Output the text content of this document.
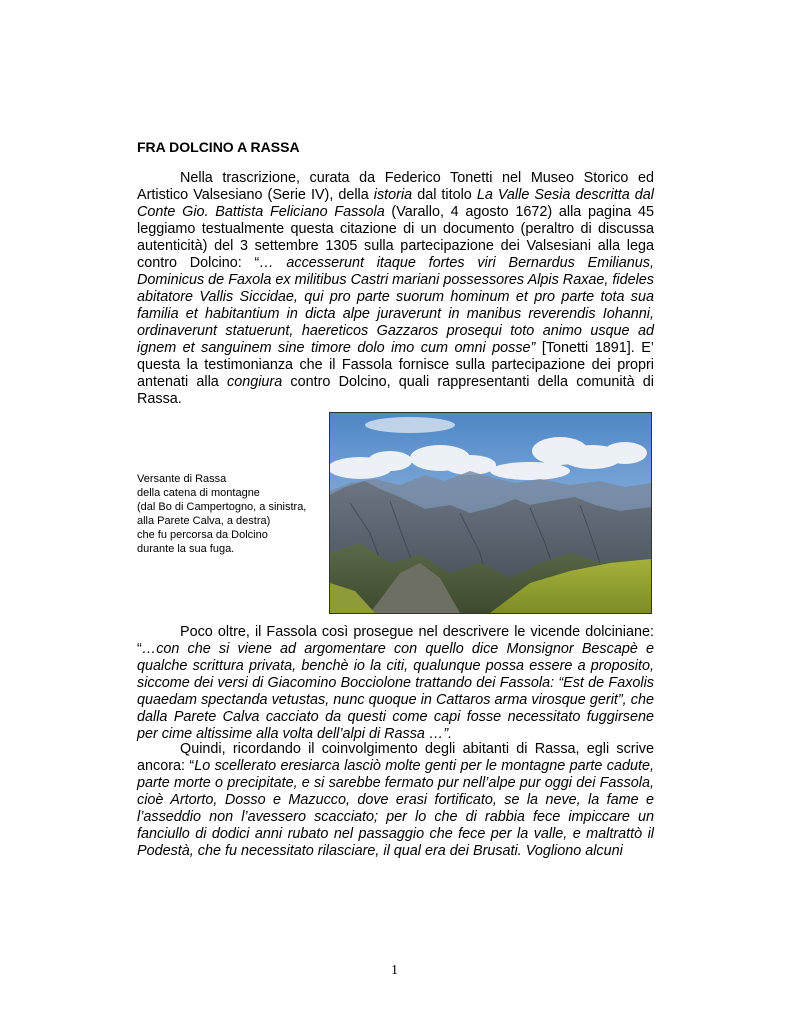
FRA DOLCINO A RASSA

Nella trascrizione, curata da Federico Tonetti nel Museo Storico ed Artistico Valsesiano (Serie IV), della istoria dal titolo La Valle Sesia descritta dal Conte Gio. Battista Feliciano Fassola (Varallo, 4 agosto 1672) alla pagina 45 leggiamo testualmente questa citazione di un documento (peraltro di discussa autenticità) del 3 settembre 1305 sulla partecipazione dei Valsesiani alla lega contro Dolcino: “… accesserunt itaque fortes viri Bernardus Emilianus, Dominicus de Faxola ex militibus Castri mariani possessores Alpis Raxae, fideles abitatore Vallis Siccidae, qui pro parte suorum hominum et pro parte tota sua familia et habitantium in dicta alpe juraverunt in manibus reverendis Iohanni, ordinaverunt statuerunt, haereticos Gazzaros prosequi toto animo usque ad ignem et sanguinem sine timore dolo imo cum omni posse” [Tonetti 1891]. E’ questa la testimonianza che il Fassola fornisce sulla partecipazione dei propri antenati alla congiura contro Dolcino, quali rappresentanti della comunità di Rassa.

Versante di Rassa
della catena di montagne
(dal Bo di Campertogno, a sinistra,
alla Parete Calva, a destra)
che fu percorsa da Dolcino
durante la sua fuga.

Poco oltre, il Fassola così prosegue nel descrivere le vicende dolciniane: “…con che si viene ad argomentare con quello dice Monsignor Bescapè e qualche scrittura privata, benchè io la citi, qualunque possa essere a proposito, siccome dei versi di Giacomino Bocciolone trattando dei Fassola: “Est de Faxolis quaedam spectanda vetustas, nunc quoque in Cattaros arma virosque gerit”, che dalla Parete Calva cacciato da questi come capi fosse necessitato fuggirsene per cime altissime alla volta dell’alpi di Rassa …”.

Quindi, ricordando il coinvolgimento degli abitanti di Rassa, egli scrive ancora: “Lo scellerato eresiarca lasciò molte genti per le montagne parte cadute, parte morte o precipitate, e si sarebbe fermato pur nell’alpe pur oggi dei Fassola, cioè Artorto, Dosso e Mazucco, dove erasi fortificato, se la neve, la fame e l’asseddio non l’avessero scacciato; per lo che di rabbia fece impiccare un fanciullo di dodici anni rubato nel passaggio che fece per la valle, e maltrattò il Podestà, che fu necessitato rilasciare, il qual era dei Brusati. Vogliono alcuni

1
